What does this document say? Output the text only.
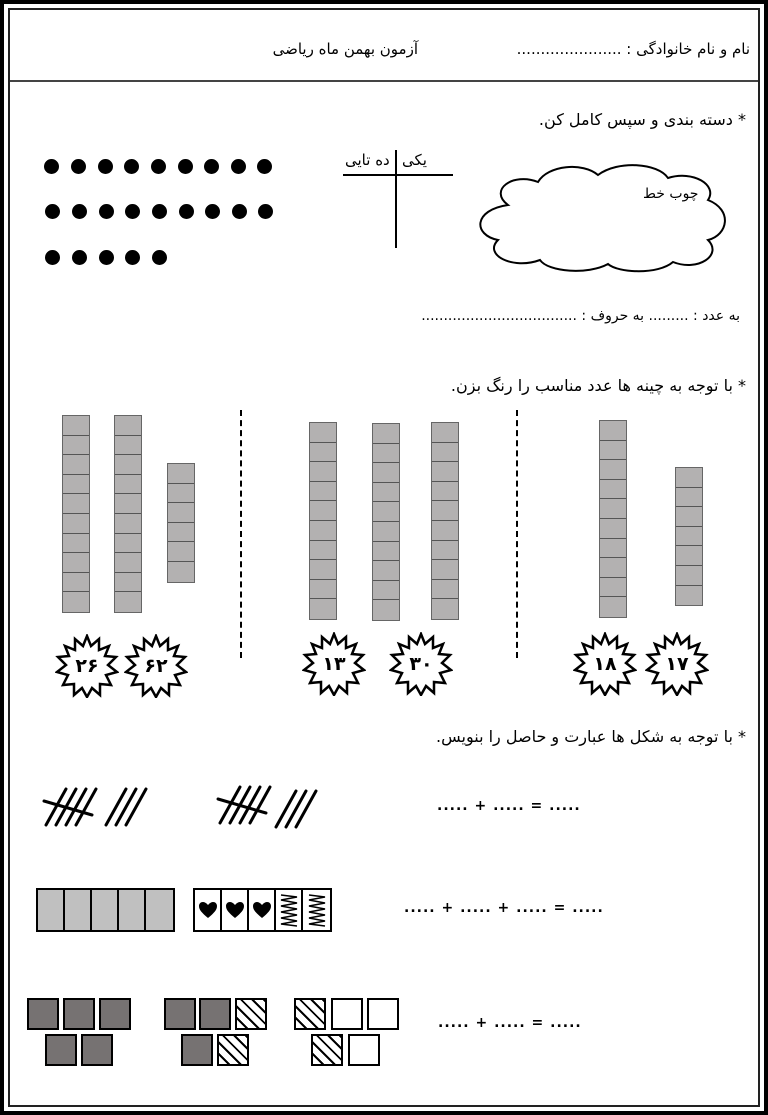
نام و نام خانوادگی : ......................
آزمون بهمن ماه ریاضی
* دسته بندی و سپس کامل کن.
یکی
ده تایی
چوب خط
به عدد : ......... به حروف : ...................................
* با توجه به چینه ها عدد مناسب را رنگ بزن.
۲۶	۶۲	۱۳	۳۰	۱۸	۱۷
* با توجه به شکل ها عبارت و حاصل را بنویس.
..... + ..... = .....
..... + ..... + ..... = .....
..... + ..... = .....
